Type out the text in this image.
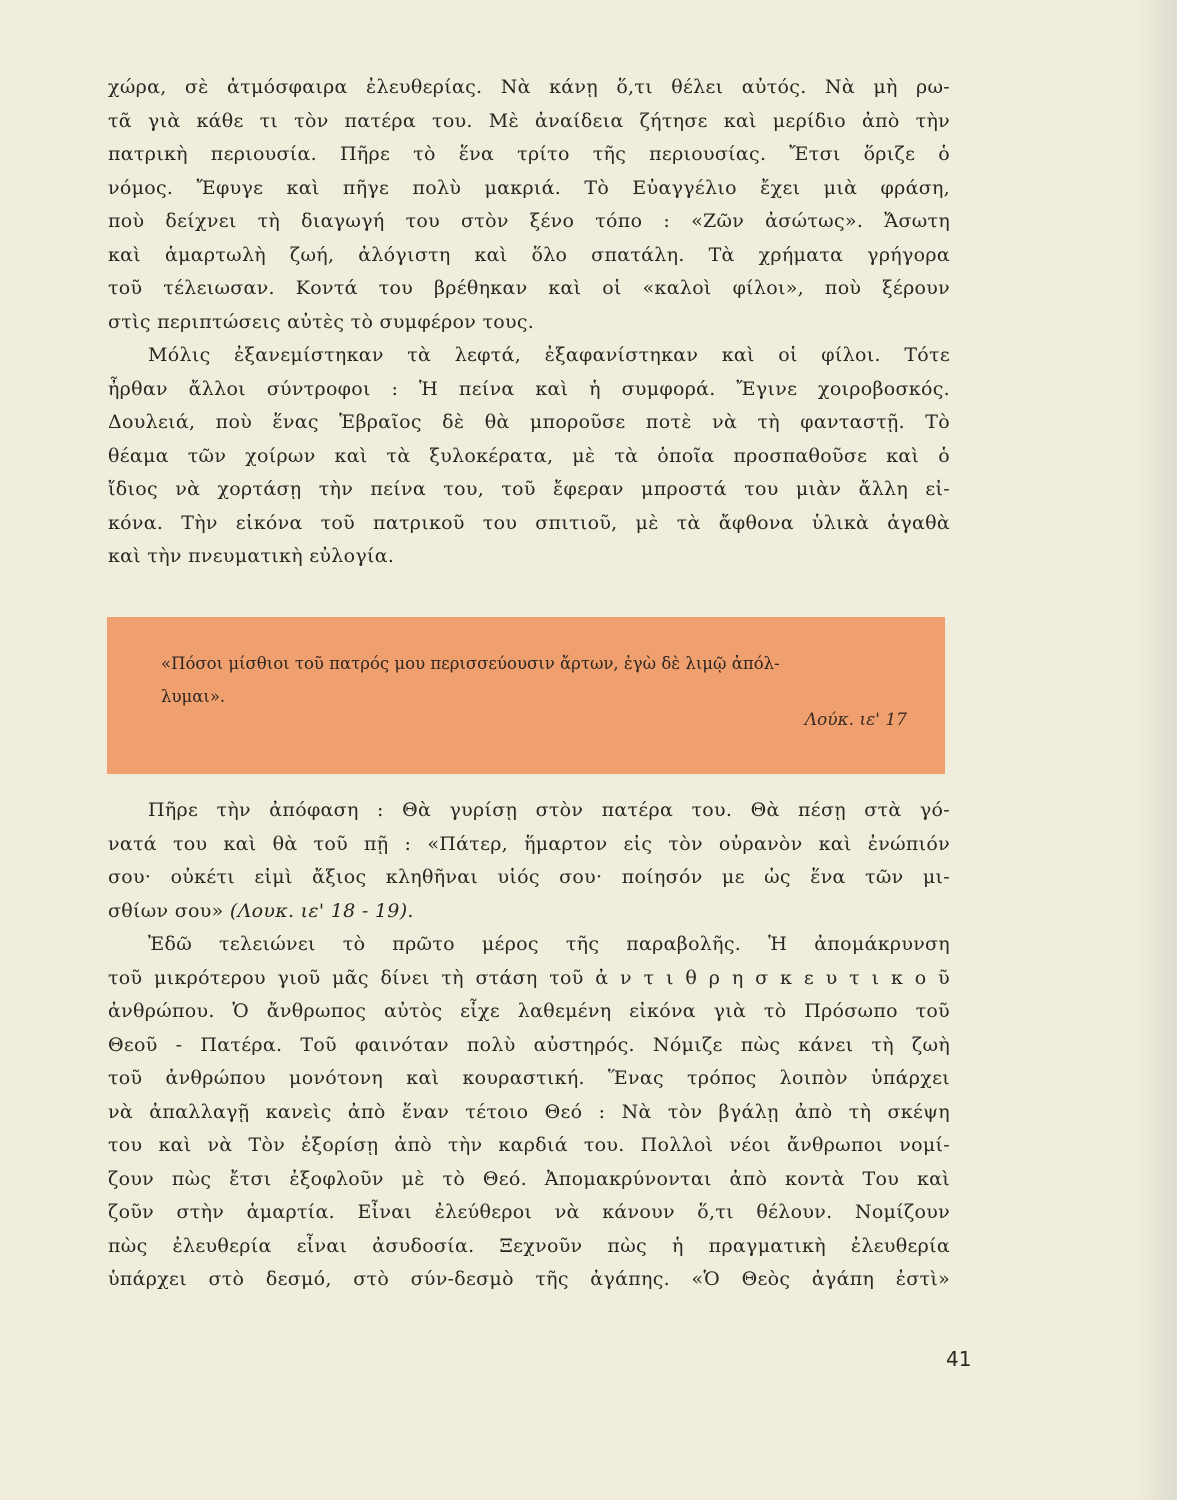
χώρα, σὲ ἀτμόσφαιρα ἐλευθερίας. Νὰ κάνῃ ὅ,τι θέλει αὐτός. Νὰ μὴ ρω-
τᾶ γιὰ κάθε τι τὸν πατέρα του. Μὲ ἀναίδεια ζήτησε καὶ μερίδιο ἀπὸ τὴν
πατρικὴ περιουσία. Πῆρε τὸ ἕνα τρίτο τῆς περιουσίας. Ἔτσι ὅριζε ὁ
νόμος. Ἔφυγε καὶ πῆγε πολὺ μακριά. Τὸ Εὐαγγέλιο ἔχει μιὰ φράση,
ποὺ δείχνει τὴ διαγωγή του στὸν ξένο τόπο : «Ζῶν ἀσώτως». Ἄσωτη
καὶ ἁμαρτωλὴ ζωή, ἀλόγιστη καὶ ὅλο σπατάλη. Τὰ χρήματα γρήγορα
τοῦ τέλειωσαν. Κοντά του βρέθηκαν καὶ οἱ «καλοὶ φίλοι», ποὺ ξέρουν
στὶς περιπτώσεις αὐτὲς τὸ συμφέρον τους.
Μόλις ἐξανεμίστηκαν τὰ λεφτά, ἐξαφανίστηκαν καὶ οἱ φίλοι. Τότε
ἦρθαν ἄλλοι σύντροφοι : Ἡ πείνα καὶ ἡ συμφορά. Ἔγινε χοιροβοσκός.
Δουλειά, ποὺ ἕνας Ἑβραῖος δὲ θὰ μποροῦσε ποτὲ νὰ τὴ φανταστῇ. Τὸ
θέαμα τῶν χοίρων καὶ τὰ ξυλοκέρατα, μὲ τὰ ὁποῖα προσπαθοῦσε καὶ ὁ
ἴδιος νὰ χορτάσῃ τὴν πείνα του, τοῦ ἔφεραν μπροστά του μιὰν ἄλλη εἰ-
κόνα. Τὴν εἰκόνα τοῦ πατρικοῦ του σπιτιοῦ, μὲ τὰ ἄφθονα ὑλικὰ ἀγαθὰ
καὶ τὴν πνευματικὴ εὐλογία.
«Πόσοι μίσθιοι τοῦ πατρός μου περισσεύουσιν ἄρτων, ἐγὼ δὲ λιμῷ ἀπόλ-
λυμαι».
Λούκ. ιε' 17
Πῆρε τὴν ἀπόφαση : Θὰ γυρίσῃ στὸν πατέρα του. Θὰ πέσῃ στὰ γό-
νατά του καὶ θὰ τοῦ πῇ : «Πάτερ, ἥμαρτον εἰς τὸν οὐρανὸν καὶ ἐνώπιόν
σου· οὐκέτι εἰμὶ ἄξιος κληθῆναι υἱός σου· ποίησόν με ὡς ἕνα τῶν μι-
σθίων σου» (Λουκ. ιε' 18 - 19).
Ἐδῶ τελειώνει τὸ πρῶτο μέρος τῆς παραβολῆς. Ἡ ἀπομάκρυνση
τοῦ μικρότερου γιοῦ μᾶς δίνει τὴ στάση τοῦ ἀ ν τ ι θ ρ η σ κ ε υ τ ι κ ο ῦ
ἀνθρώπου. Ὁ ἄνθρωπος αὐτὸς εἶχε λαθεμένη εἰκόνα γιὰ τὸ Πρόσωπο τοῦ
Θεοῦ - Πατέρα. Τοῦ φαινόταν πολὺ αὐστηρός. Νόμιζε πὼς κάνει τὴ ζωὴ
τοῦ ἀνθρώπου μονότονη καὶ κουραστική. Ἕνας τρόπος λοιπὸν ὑπάρχει
νὰ ἀπαλλαγῇ κανεὶς ἀπὸ ἕναν τέτοιο Θεό : Νὰ τὸν βγάλῃ ἀπὸ τὴ σκέψη
του καὶ νὰ Τὸν ἐξορίσῃ ἀπὸ τὴν καρδιά του. Πολλοὶ νέοι ἄνθρωποι νομί-
ζουν πὼς ἔτσι ἐξοφλοῦν μὲ τὸ Θεό. Ἀπομακρύνονται ἀπὸ κοντὰ Του καὶ
ζοῦν στὴν ἁμαρτία. Εἶναι ἐλεύθεροι νὰ κάνουν ὅ,τι θέλουν. Νομίζουν
πὼς ἐλευθερία εἶναι ἀσυδοσία. Ξεχνοῦν πὼς ἡ πραγματικὴ ἐλευθερία
ὑπάρχει στὸ δεσμό, στὸ σύν-δεσμὸ τῆς ἀγάπης. «Ὁ Θεὸς ἀγάπη ἐστὶ»
41
